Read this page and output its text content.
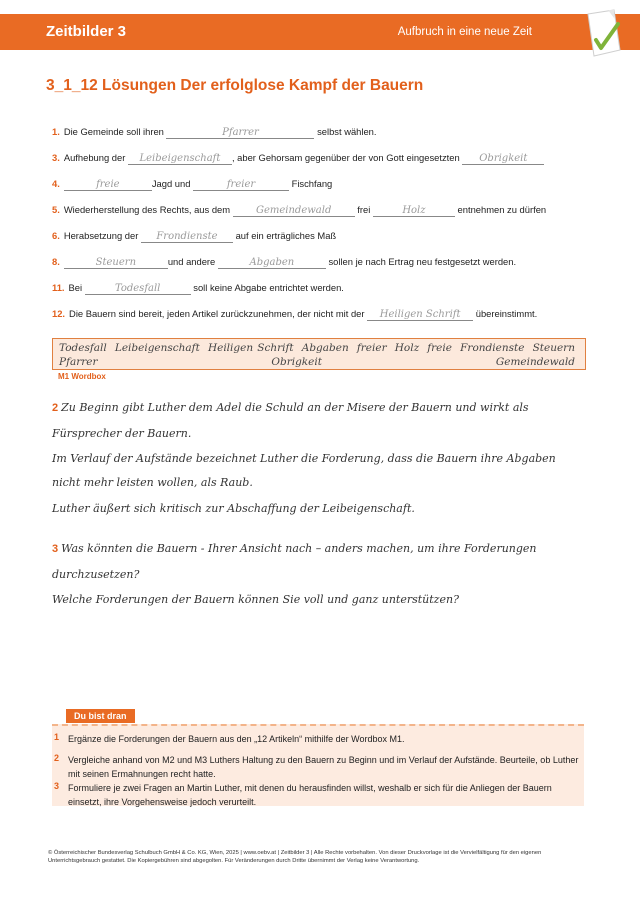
Zeitbilder 3	Aufbruch in eine neue Zeit
3_1_12 Lösungen Der erfolglose Kampf der Bauern
1. Die Gemeinde soll ihren	Pfarrer	selbst wählen.
3. Aufhebung der Leibeigenschaft , aber Gehorsam gegenüber der von Gott eingesetzten Obrigkeit
4.	freie	Jagd und	freier	Fischfang
5. Wiederherstellung des Rechts, aus dem Gemeindewald	frei	Holz	entnehmen zu dürfen
6. Herabsetzung der Frondienste auf ein erträgliches Maß
8.	Steuern	und andere	Abgaben	sollen je nach Ertrag neu festgesetzt werden.
11. Bei	Todesfall	soll keine Abgabe entrichtet werden.
12. Die Bauern sind bereit, jeden Artikel zurückzunehmen, der nicht mit der Heiligen Schrift übereinstimmt.
Todesfall Leibeigenschaft Heiligen Schrift Abgaben freier Holz freie Frondienste Steuern Pfarrer	Obrigkeit	Gemeindewald
M1 Wordbox
2 Zu Beginn gibt Luther dem Adel die Schuld an der Misere der Bauern und wirkt als
Fürsprecher der Bauern.
Im Verlauf der Aufstände bezeichnet Luther die Forderung, dass die Bauern ihre Abgaben
nicht mehr leisten wollen, als Raub.
Luther äußert sich kritisch zur Abschaffung der Leibeigenschaft.
3 Was könnten die Bauern - Ihrer Ansicht nach – anders machen, um ihre Forderungen
durchzusetzen?
Welche Forderungen der Bauern können Sie voll und ganz unterstützen?
Du bist dran
1 Ergänze die Forderungen der Bauern aus den „12 Artikeln“ mithilfe der Wordbox M1.
2 Vergleiche anhand von M2 und M3 Luthers Haltung zu den Bauern zu Beginn und im Verlauf der Aufstände. Beurteile, ob Luther mit seinen Ermahnungen recht hatte.
3 Formuliere je zwei Fragen an Martin Luther, mit denen du herausfinden willst, weshalb er sich für die Anliegen der Bauern einsetzt, ihre Vorgehensweise jedoch verurteilt.
© Österreichischer Bundesverlag Schulbuch GmbH & Co. KG, Wien, 2025 | www.oebv.at | Zeitbilder 3 | Alle Rechte vorbehalten. Von dieser Druckvorlage ist die Vervielfältigung für den eigenen Unterrichtsgebrauch gestattet. Die Kopiergebühren sind abgegolten. Für Veränderungen durch Dritte übernimmt der Verlag keine Verantwortung.
